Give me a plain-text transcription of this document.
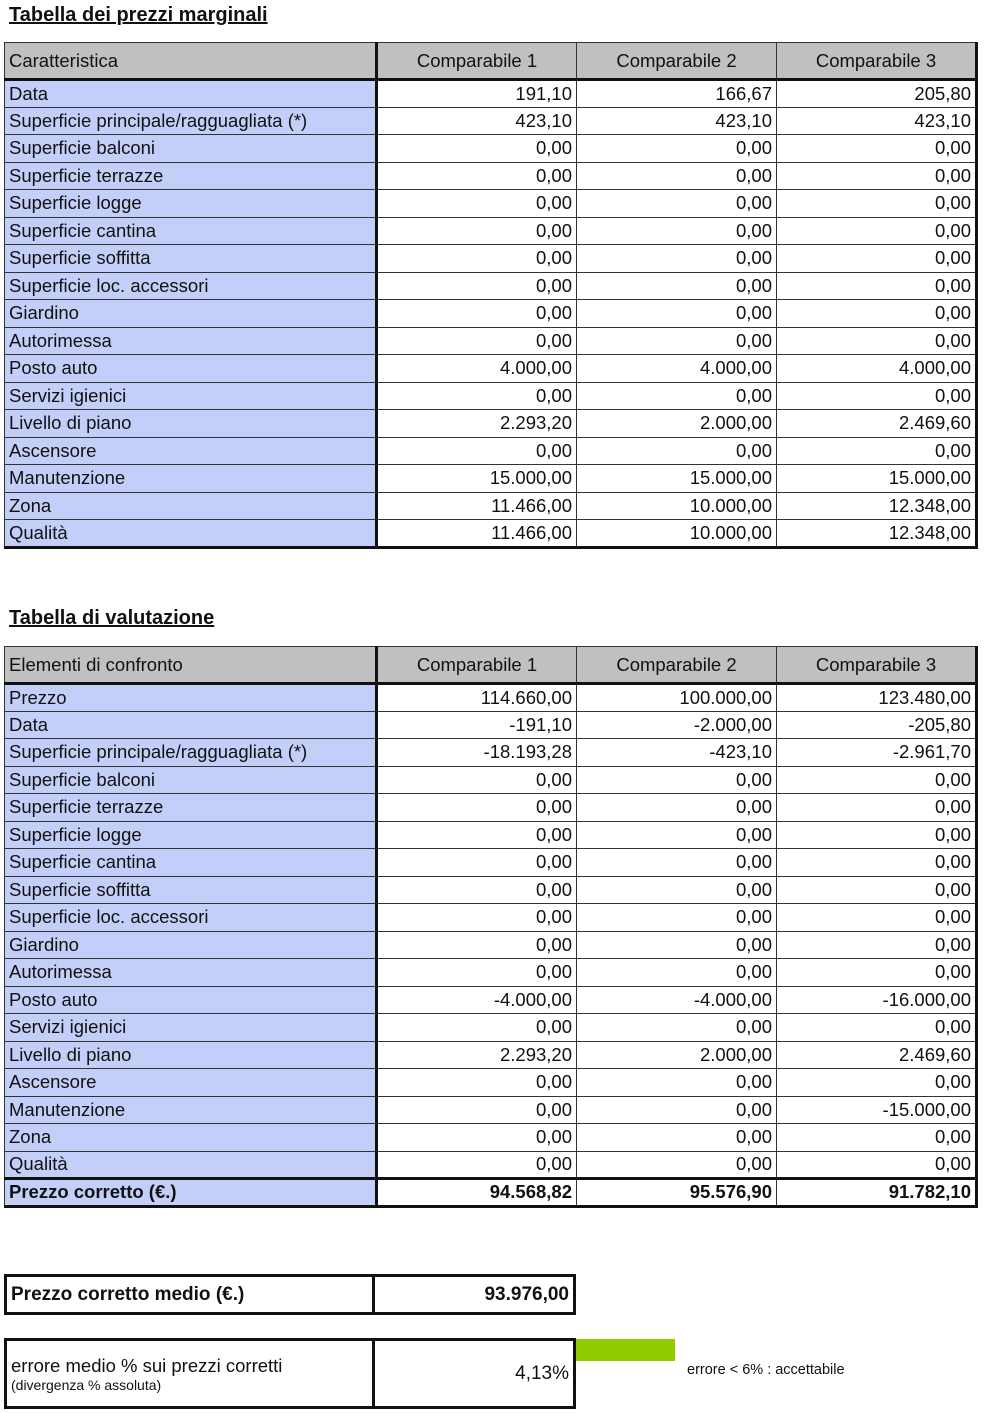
Tabella dei prezzi marginali
Caratteristica	Comparabile 1	Comparabile 2	Comparabile 3
Data	191,10	166,67	205,80
Superficie principale/ragguagliata (*)	423,10	423,10	423,10
Superficie balconi	0,00	0,00	0,00
Superficie terrazze	0,00	0,00	0,00
Superficie logge	0,00	0,00	0,00
Superficie cantina	0,00	0,00	0,00
Superficie soffitta	0,00	0,00	0,00
Superficie loc. accessori	0,00	0,00	0,00
Giardino	0,00	0,00	0,00
Autorimessa	0,00	0,00	0,00
Posto auto	4.000,00	4.000,00	4.000,00
Servizi igienici	0,00	0,00	0,00
Livello di piano	2.293,20	2.000,00	2.469,60
Ascensore	0,00	0,00	0,00
Manutenzione	15.000,00	15.000,00	15.000,00
Zona	11.466,00	10.000,00	12.348,00
Qualità	11.466,00	10.000,00	12.348,00
Tabella di valutazione
Elementi di confronto	Comparabile 1	Comparabile 2	Comparabile 3
Prezzo	114.660,00	100.000,00	123.480,00
Data	-191,10	-2.000,00	-205,80
Superficie principale/ragguagliata (*)	-18.193,28	-423,10	-2.961,70
Superficie balconi	0,00	0,00	0,00
Superficie terrazze	0,00	0,00	0,00
Superficie logge	0,00	0,00	0,00
Superficie cantina	0,00	0,00	0,00
Superficie soffitta	0,00	0,00	0,00
Superficie loc. accessori	0,00	0,00	0,00
Giardino	0,00	0,00	0,00
Autorimessa	0,00	0,00	0,00
Posto auto	-4.000,00	-4.000,00	-16.000,00
Servizi igienici	0,00	0,00	0,00
Livello di piano	2.293,20	2.000,00	2.469,60
Ascensore	0,00	0,00	0,00
Manutenzione	0,00	0,00	-15.000,00
Zona	0,00	0,00	0,00
Qualità	0,00	0,00	0,00
Prezzo corretto (€.)	94.568,82	95.576,90	91.782,10
Prezzo corretto medio (€.)	93.976,00
errore medio % sui prezzi corretti
(divergenza % assoluta)
4,13%	errore < 6% : accettabile
